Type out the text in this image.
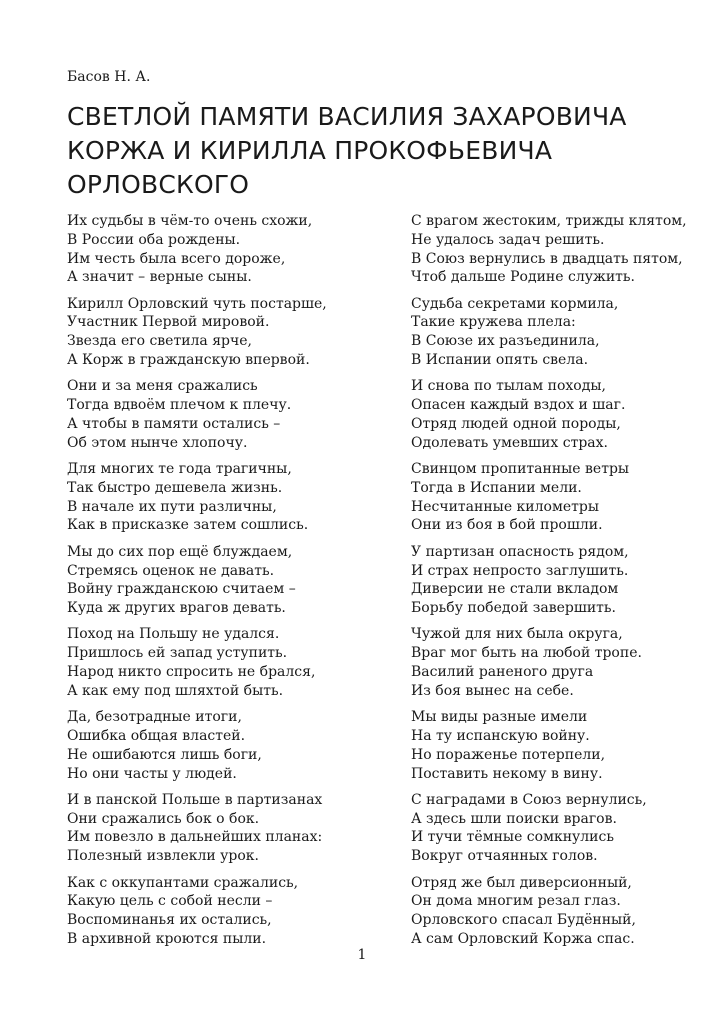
Басов Н. А.
СВЕТЛОЙ ПАМЯТИ ВАСИЛИЯ ЗАХАРОВИЧА КОРЖА И КИРИЛЛА ПРОКОФЬЕВИЧА ОРЛОВСКОГО
Их судьбы в чём-то очень схожи,
В России оба рождены.
Им честь была всего дороже,
А значит – верные сыны.
Кирилл Орловский чуть постарше,
Участник Первой мировой.
Звезда его светила ярче,
А Корж в гражданскую впервой.
Они и за меня сражались
Тогда вдвоём плечом к плечу.
А чтобы в памяти остались –
Об этом нынче хлопочу.
Для многих те года трагичны,
Так быстро дешевела жизнь.
В начале их пути различны,
Как в присказке затем сошлись.
Мы до сих пор ещё блуждаем,
Стремясь оценок не давать.
Войну гражданскою считаем –
Куда ж других врагов девать.
Поход на Польшу не удался.
Пришлось ей запад уступить.
Народ никто спросить не брался,
А как ему под шляхтой быть.
Да, безотрадные итоги,
Ошибка общая властей.
Не ошибаются лишь боги,
Но они часты у людей.
И в панской Польше в партизанах
Они сражались бок о бок.
Им повезло в дальнейших планах:
Полезный извлекли урок.
Как с оккупантами сражались,
Какую цель с собой несли –
Воспоминанья их остались,
В архивной кроются пыли.
С врагом жестоким, трижды клятом,
Не удалось задач решить.
В Союз вернулись в двадцать пятом,
Чтоб дальше Родине служить.
Судьба секретами кормила,
Такие кружева плела:
В Союзе их разъединила,
В Испании опять свела.
И снова по тылам походы,
Опасен каждый вздох и шаг.
Отряд людей одной породы,
Одолевать умевших страх.
Свинцом пропитанные ветры
Тогда в Испании мели.
Несчитанные километры
Они из боя в бой прошли.
У партизан опасность рядом,
И страх непросто заглушить.
Диверсии не стали вкладом
Борьбу победой завершить.
Чужой для них была округа,
Враг мог быть на любой тропе.
Василий раненого друга
Из боя вынес на себе.
Мы виды разные имели
На ту испанскую войну.
Но пораженье потерпели,
Поставить некому в вину.
С наградами в Союз вернулись,
А здесь шли поиски врагов.
И тучи тёмные сомкнулись
Вокруг отчаянных голов.
Отряд же был диверсионный,
Он дома многим резал глаз.
Орловского спасал Будённый,
А сам Орловский Коржа спас.
1
